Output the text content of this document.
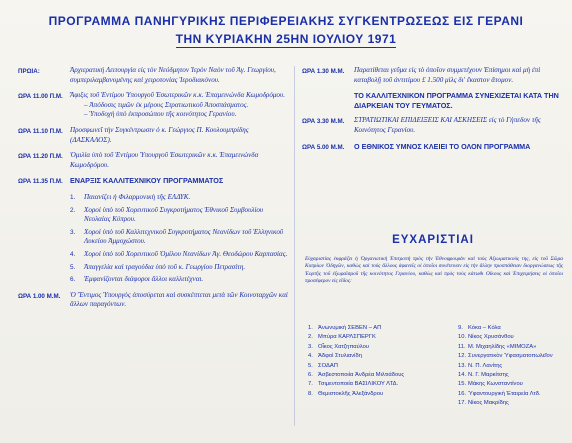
ΠΡΟΓΡΑΜΜΑ ΠΑΝΗΓΥΡΙΚΗΣ ΠΕΡΙΦΕΡΕΙΑΚΗΣ ΣΥΓΚΕΝΤΡΩΣΕΩΣ ΕΙΣ ΓΕΡΑΝΙ
ΤΗΝ ΚΥΡΙΑΚΗΝ 25ΗΝ ΙΟΥΛΙΟΥ 1971
ΠΡΩΙΑ:	Ἀρχιερατική Λειτουργία εἰς τὸν Νεόδμητον Ἱερὸν Ναὸν τοῦ Ἀγ. Γεωργίου, συμπεριλαμβανομένης καὶ χειροτονίας Ἱεροδιακόνου.
ΩΡΑ 11.00 Π.Μ.	Ἄφιξις τοῦ Ἐντίμου Ὑπουργοῦ Ἐσωτερικῶν κ.κ. Ἐπαμεινώνδα Κωμοδρόμου.
– Ἀπόδοσις τιμῶν ἐκ μέρους Στρατιωτικοῦ Ἀποσπάσματος.
– Ὑποδοχὴ ὑπὸ ἐκπροσώπου τῆς κοινότητος Γερανίου.
ΩΡΑ 11.10 Π.Μ.	Προσφωνεῖ τὴν Συγκέντρωσιν ὁ κ. Γεώργιος Π. Κουλουμπρίδης (ΔΑΣΚΑΛΟΣ).
ΩΡΑ 11.20 Π.Μ.	Ὁμιλία ὑπὸ τοῦ Ἐντίμου Ὑπουργοῦ Ἐσωτερικῶν κ.κ. Ἐπαμεινώνδα Κωμοδρόμου.
ΩΡΑ 11.35 Π.Μ.	ΕΝΑΡΞΙΣ ΚΑΛΛΙΤΕΧΝΙΚΟΥ ΠΡΟΓΡΑΜΜΑΤΟΣ
1.	Παιανίζει ἡ Φιλαρμονικὴ τῆς ΕΛΔΥΚ.
2.	Χοροὶ ὑπὸ τοῦ Χορευτικοῦ Συγκροτήματος Ἐθνικοῦ Συμβουλίου Νεολαίας Κύπρου.
3.	Χοροὶ ὑπὸ τοῦ Καλλιτεχνικοῦ Συγκροτήματος Νεανίδων τοῦ Ἑλληνικοῦ Λυκείου Ἀμμοχώστου.
4.	Χοροὶ ὑπὸ τοῦ Χορευτικοῦ Ὁμίλου Νεανίδων Ἁγ. Θεοδώρου Καρπασίας.
5.	Ἀπαγγελία καὶ τραγούδια ὑπὸ τοῦ κ. Γεωργίου Πετρασίτη.
6.	Ἐμφανίζονται διάφοροι ἄλλοι καλλιτέχναι.
ΩΡΑ 1.00 Μ.Μ.	Ὁ Ἔντιμος Ὑπουργὸς ἀποσύρεται καὶ συσκέπτεται μετὰ τῶν Κοινοταρχῶν καὶ ἄλλων παραγόντων.
ΩΡΑ 1.30 Μ.Μ.	Παρατίθεται γεῦμα εἰς τὸ ὁποῖον συμμετέχουν Ἐπίσημοι καὶ μὴ ἐπὶ καταβολῇ τοῦ ἀντιτίμου £ 1.500 μὶλς δι' ἕκαστον ἄτομον.
ΤΟ ΚΑΛΛΙΤΕΧΝΙΚΟΝ ΠΡΟΓΡΑΜΜΑ ΣΥΝΕΧΙΖΕΤΑΙ ΚΑΤΑ ΤΗΝ ΔΙΑΡΚΕΙΑΝ ΤΟΥ ΓΕΥΜΑΤΟΣ.
ΩΡΑ 3.30 Μ.Μ.	ΣΤΡΑΤΙΩΤΙΚΑΙ ΕΠΙΔΕΙΞΕΙΣ ΚΑΙ ΑΣΚΗΣΕΙΣ εἰς τὸ Γήπεδον τῆς Κοινότητος Γερανίου.
ΩΡΑ 5.00 Μ.Μ.	Ο ΕΘΝΙΚΟΣ ΥΜΝΟΣ ΚΛΕΙΕΙ ΤΟ ΟΛΟΝ ΠΡΟΓΡΑΜΜΑ
ΕΥΧΑΡΙΣΤΙΑΙ
Εὐχαριστίας ἐκφράζει ἡ Ὀργανωτικὴ Ἐπιτροπὴ πρὸς τὴν Ἐθνοφρουρὰν καὶ τοὺς Ἀξιωματικοὺς της, εἰς τοῦ Σῶμα Κυπρίων Ὁδηγῶν, καθὼς καὶ τοὺς ἄλλους ἀφανεῖς οἱ ὁποῖοι συνέτειναν εἰς τὴν ἄλλην προσπάθειαν διοργανώσεως τῆς Ἑορτῆς τοῦ ἐξωραϊσμοῦ τῆς κοινότητος Γερανίου, καθὼς καὶ πρὸς τοὺς κάτωθι Οἴκους καὶ Ἐπιχειρήσεις οἱ ὁποῖοι προσέφερον εἰς εἴδος:
1. Ἀνωνυμικὴ ΣΕΒΕΝ – ΑΠ
2. Μπύρα ΚΑΡΛΣΠΕΡΓΚ
3. Οἶκος Χατζηπαύλου
4. Ἀδφοὶ Στυλιανίδη
5. ΣΟΔΑΠ
6. Ἀσβεστοποιία Ἀνδρέα Μιλτιάδους
7. Τσιμεντοποιία ΒΑΣΙΛΙΚΟΥ ΛΤΔ.
8. Θεμιστοκλῆς Ἀλεξάνδρου
9. Κόκα – Κόλα
10. Νίκος Χρυσάνθου
11. Μ. Μιχαηλίδης «ΜΙΜΟΖΑ»
12. Συνεργατικὸν Ὑφασματοπωλεῖον
13. Ν. Π. Λανίτης
14. Ν. Γ. Μαρκίτσης
15. Μάκης Κωνσταντίνου
16. Ὑφαντουργικὴ Ἑταιρεία Λτδ.
17. Νίκος Μακρίδης
